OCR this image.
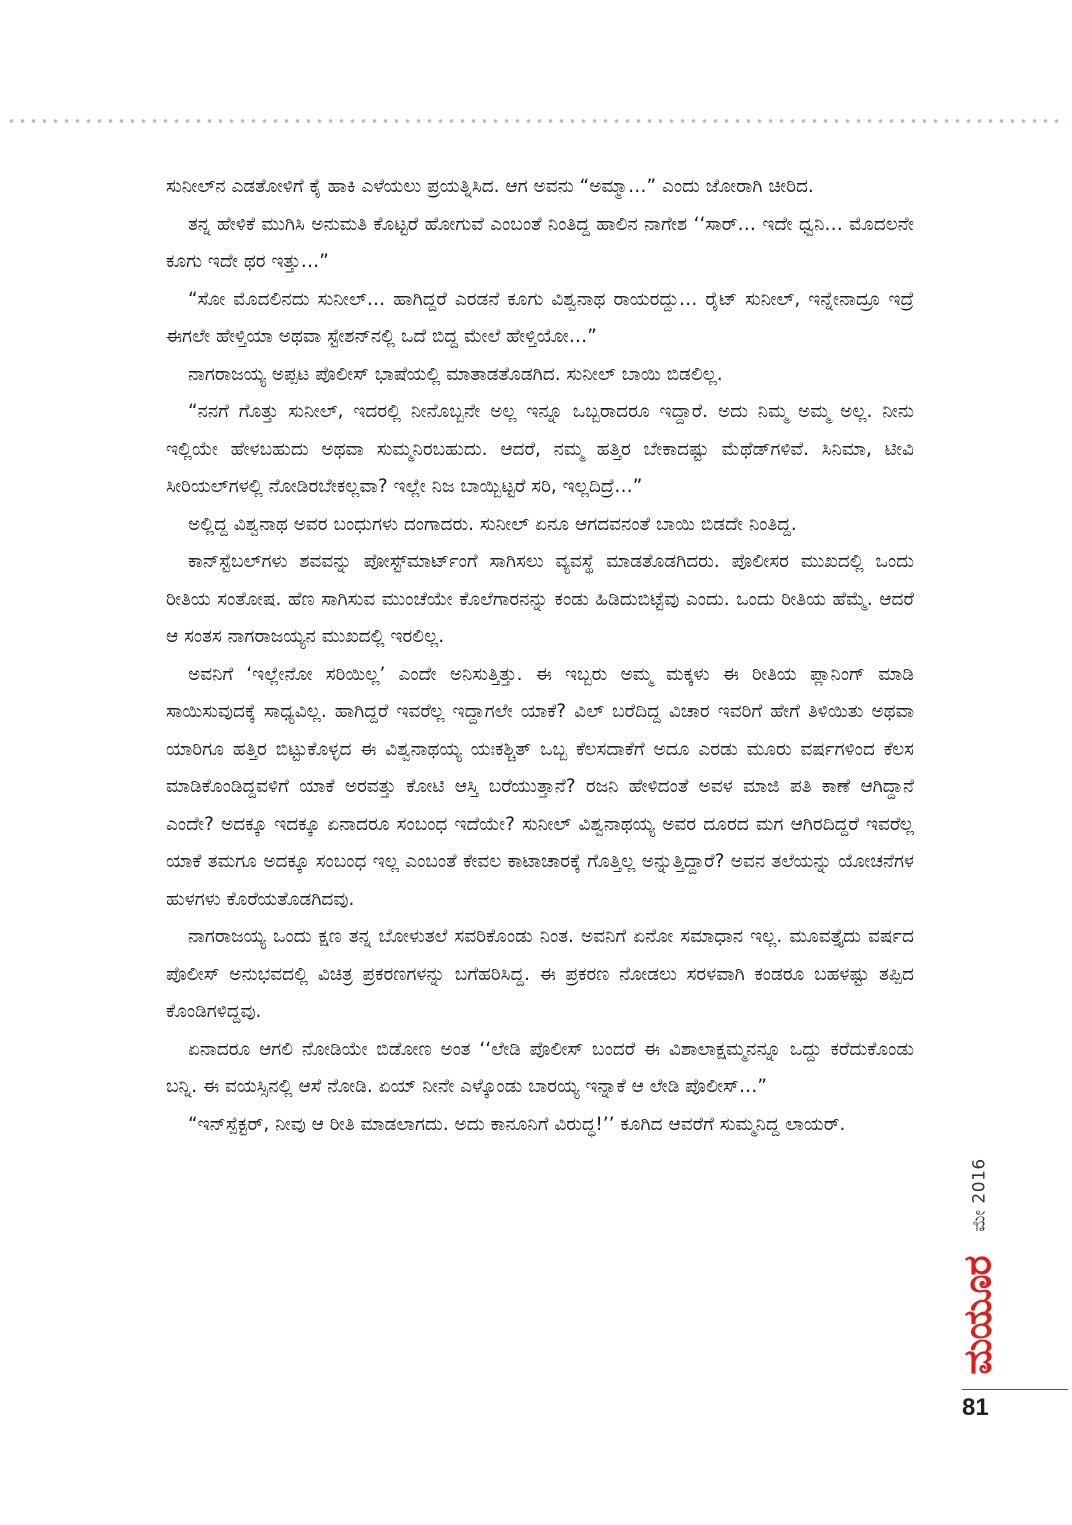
ಸುನೀಲ್‌ನ ಎಡತೋಳಿಗೆ ಕೈ ಹಾಕಿ ಎಳೆಯಲು ಪ್ರಯತ್ನಿಸಿದ. ಆಗ ಅವನು “ಅಮ್ಮಾ…” ಎಂದು ಜೋರಾಗಿ ಚೀರಿದ.

ತನ್ನ ಹೇಳಿಕೆ ಮುಗಿಸಿ ಅನುಮತಿ ಕೊಟ್ಟರೆ ಹೋಗುವೆ ಎಂಬಂತೆ ನಿಂತಿದ್ದ ಹಾಲಿನ ನಾಗೇಶ ‘‘ಸಾರ್… ಇದೇ ಧ್ವನಿ… ಮೊದಲನೇ ಕೂಗು ಇದೇ ಥರ ಇತ್ತು…”

“ಸೋ ಮೊದಲಿನದು ಸುನೀಲ್… ಹಾಗಿದ್ದರೆ ಎರಡನೆ ಕೂಗು ವಿಶ್ವನಾಥ ರಾಯರದ್ದು… ರೈಟ್ ಸುನೀಲ್, ಇನ್ನೇನಾದ್ರೂ ಇದ್ರೆ ಈಗಲೇ ಹೇಳ್ತಿಯಾ ಅಥವಾ ಸ್ಟೇಶನ್‌ನಲ್ಲಿ ಒದೆ ಬಿದ್ದ ಮೇಲೆ ಹೇಳ್ತಿಯೋ…”

ನಾಗರಾಜಯ್ಯ ಅಪ್ಪಟ ಪೊಲೀಸ್ ಭಾಷೆಯಲ್ಲಿ ಮಾತಾಡತೊಡಗಿದ. ಸುನೀಲ್ ಬಾಯಿ ಬಿಡಲಿಲ್ಲ.

“ನನಗೆ ಗೊತ್ತು ಸುನೀಲ್, ಇದರಲ್ಲಿ ನೀನೊಬ್ಬನೇ ಅಲ್ಲ ಇನ್ನೂ ಒಬ್ಬರಾದರೂ ಇದ್ದಾರೆ. ಅದು ನಿಮ್ಮ ಅಮ್ಮ ಅಲ್ಲ. ನೀನು ಇಲ್ಲಿಯೇ ಹೇಳಬಹುದು ಅಥವಾ ಸುಮ್ಮನಿರಬಹುದು. ಆದರೆ, ನಮ್ಮ ಹತ್ತಿರ ಬೇಕಾದಷ್ಟು ಮೆಥೆಡ್‌ಗಳಿವೆ. ಸಿನಿಮಾ, ಟೀವಿ ಸೀರಿಯಲ್‌ಗಳಲ್ಲಿ ನೋಡಿರಬೇಕಲ್ಲವಾ? ಇಲ್ಲೇ ನಿಜ ಬಾಯ್ಬಿಟ್ಟರೆ ಸರಿ, ಇಲ್ಲದಿದ್ರೆ…”

ಅಲ್ಲಿದ್ದ ವಿಶ್ವನಾಥ ಅವರ ಬಂಧುಗಳು ದಂಗಾದರು. ಸುನೀಲ್ ಏನೂ ಆಗದವನಂತೆ ಬಾಯಿ ಬಿಡದೇ ನಿಂತಿದ್ದ.

ಕಾನ್‌ಸ್ಟೆಬಲ್‌ಗಳು ಶವವನ್ನು ಪೋಸ್ಟ್‌ಮಾರ್ಟ್‌ಂಗೆ ಸಾಗಿಸಲು ವ್ಯವಸ್ಥೆ ಮಾಡತೊಡಗಿದರು. ಪೊಲೀಸರ ಮುಖದಲ್ಲಿ ಒಂದು ರೀತಿಯ ಸಂತೋಷ. ಹೆಣ ಸಾಗಿಸುವ ಮುಂಚೆಯೇ ಕೊಲೆಗಾರನನ್ನು ಕಂಡು ಹಿಡಿದುಬಿಟ್ಟೆವು ಎಂದು. ಒಂದು ರೀತಿಯ ಹೆಮ್ಮೆ. ಆದರೆ ಆ ಸಂತಸ ನಾಗರಾಜಯ್ಯನ ಮುಖದಲ್ಲಿ ಇರಲಿಲ್ಲ.

ಅವನಿಗೆ ‘ಇಲ್ಲೇನೋ ಸರಿಯಿಲ್ಲ’ ಎಂದೇ ಅನಿಸುತ್ತಿತ್ತು. ಈ ಇಬ್ಬರು ಅಮ್ಮ ಮಕ್ಕಳು ಈ ರೀತಿಯ ಪ್ಲಾನಿಂಗ್ ಮಾಡಿ ಸಾಯಿಸುವುದಕ್ಕೆ ಸಾಧ್ಯವಿಲ್ಲ. ಹಾಗಿದ್ದರೆ ಇವರೆಲ್ಲ ಇದ್ದಾಗಲೇ ಯಾಕೆ? ವಿಲ್ ಬರೆದಿದ್ದ ವಿಚಾರ ಇವರಿಗೆ ಹೇಗೆ ತಿಳಿಯಿತು ಅಥವಾ ಯಾರಿಗೂ ಹತ್ತಿರ ಬಿಟ್ಟುಕೊಳ್ಳದ ಈ ವಿಶ್ವನಾಥಯ್ಯ ಯಃಕಶ್ಚಿತ್ ಒಬ್ಬ ಕೆಲಸದಾಕೆಗೆ ಅದೂ ಎರಡು ಮೂರು ವರ್ಷಗಳಿಂದ ಕೆಲಸ ಮಾಡಿಕೊಂಡಿದ್ದವಳಿಗೆ ಯಾಕೆ ಅರವತ್ತು ಕೋಟಿ ಆಸ್ತಿ ಬರೆಯುತ್ತಾನೆ? ರಜನಿ ಹೇಳಿದಂತೆ ಅವಳ ಮಾಜಿ ಪತಿ ಕಾಣೆ ಆಗಿದ್ದಾನೆ ಎಂದೇ? ಅದಕ್ಕೂ ಇದಕ್ಕೂ ಏನಾದರೂ ಸಂಬಂಧ ಇದೆಯೇ? ಸುನೀಲ್ ವಿಶ್ವನಾಥಯ್ಯ ಅವರ ದೂರದ ಮಗ ಆಗಿರದಿದ್ದರೆ ಇವರೆಲ್ಲ ಯಾಕೆ ತಮಗೂ ಅದಕ್ಕೂ ಸಂಬಂಧ ಇಲ್ಲ ಎಂಬಂತೆ ಕೇವಲ ಕಾಟಾಚಾರಕ್ಕೆ ಗೊತ್ತಿಲ್ಲ ಅನ್ನುತ್ತಿದ್ದಾರೆ? ಅವನ ತಲೆಯನ್ನು ಯೋಚನೆಗಳ ಹುಳಗಳು ಕೊರೆಯತೊಡಗಿದವು.

ನಾಗರಾಜಯ್ಯ ಒಂದು ಕ್ಷಣ ತನ್ನ ಬೋಳುತಲೆ ಸವರಿಕೊಂಡು ನಿಂತ. ಅವನಿಗೆ ಏನೋ ಸಮಾಧಾನ ಇಲ್ಲ. ಮೂವತ್ತೈದು ವರ್ಷದ ಪೊಲೀಸ್ ಅನುಭವದಲ್ಲಿ ವಿಚಿತ್ರ ಪ್ರಕರಣಗಳನ್ನು ಬಗೆಹರಿಸಿದ್ದ. ಈ ಪ್ರಕರಣ ನೋಡಲು ಸರಳವಾಗಿ ಕಂಡರೂ ಬಹಳಷ್ಟು ತಪ್ಪಿದ ಕೊಂಡಿಗಳಿದ್ದವು.

ಏನಾದರೂ ಆಗಲಿ ನೋಡಿಯೇ ಬಿಡೋಣ ಅಂತ ‘‘ಲೇಡಿ ಪೊಲೀಸ್ ಬಂದರೆ ಈ ವಿಶಾಲಾಕ್ಷಮ್ಮನನ್ನೂ ಒದ್ದು ಕರೆದುಕೊಂಡು ಬನ್ನಿ. ಈ ವಯಸ್ಸಿನಲ್ಲಿ ಆಸೆ ನೋಡಿ. ಏಯ್ ನೀನೇ ಎಳ್ಕೊಂಡು ಬಾರಯ್ಯ ಇನ್ನಾಕೆ ಆ ಲೇಡಿ ಪೊಲೀಸ್…”

“ಇನ್‌ಸ್ಪೆಕ್ಟರ್, ನೀವು ಆ ರೀತಿ ಮಾಡಲಾಗದು. ಅದು ಕಾನೂನಿಗೆ ವಿರುದ್ಧ!’’ ಕೂಗಿದ ಆವರೆಗೆ ಸುಮ್ಮನಿದ್ದ ಲಾಯರ್.

ಮೇ 2016
ಮಯೂರ
81
